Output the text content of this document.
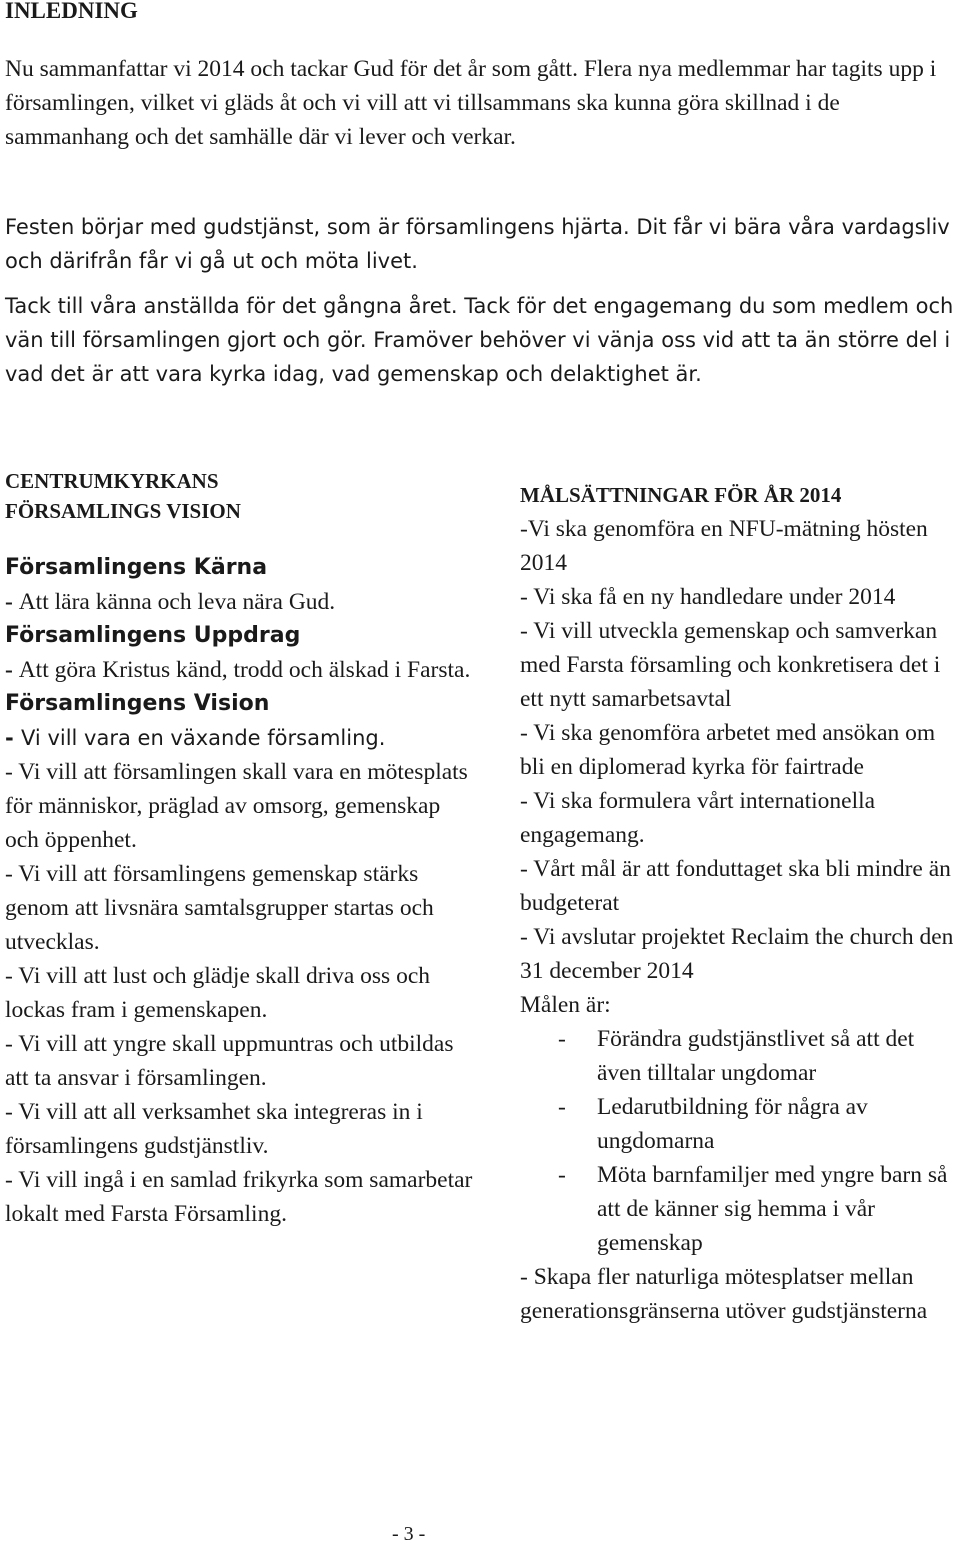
INLEDNING

Nu sammanfattar vi 2014 och tackar Gud för det år som gått. Flera nya medlemmar har tagits upp i församlingen, vilket vi gläds åt och vi vill att vi tillsammans ska kunna göra skillnad i de sammanhang och det samhälle där vi lever och verkar.

Festen börjar med gudstjänst, som är församlingens hjärta. Dit får vi bära våra vardagsliv och därifrån får vi gå ut och möta livet.

Tack till våra anställda för det gångna året. Tack för det engagemang du som medlem och vän till församlingen gjort och gör. Framöver behöver vi vänja oss vid att ta än större del i vad det är att vara kyrka idag, vad gemenskap och delaktighet är.

CENTRUMKYRKANS
FÖRSAMLINGS VISION
Församlingens Kärna
- Att lära känna och leva nära Gud.
Församlingens Uppdrag
- Att göra Kristus känd, trodd och älskad i Farsta.
Församlingens Vision
- Vi vill vara en växande församling.
- Vi vill att församlingen skall vara en mötesplats för människor, präglad av omsorg, gemenskap och öppenhet.
- Vi vill att församlingens gemenskap stärks genom att livsnära samtalsgrupper startas och utvecklas.
- Vi vill att lust och glädje skall driva oss och lockas fram i gemenskapen.
- Vi vill att yngre skall uppmuntras och utbildas att ta ansvar i församlingen.
- Vi vill att all verksamhet ska integreras in i församlingens gudstjänstliv.
- Vi vill ingå i en samlad frikyrka som samarbetar lokalt med Farsta Församling.
MÅLSÄTTNINGAR FÖR ÅR 2014
-Vi ska genomföra en NFU-mätning hösten 2014
- Vi ska få en ny handledare under 2014
- Vi vill utveckla gemenskap och samverkan med Farsta församling och konkretisera det i ett nytt samarbetsavtal
- Vi ska genomföra arbetet med ansökan om bli en diplomerad kyrka för fairtrade
- Vi ska formulera vårt internationella engagemang.
- Vårt mål är att fonduttaget ska bli mindre än budgeterat
- Vi avslutar projektet Reclaim the church den 31 december 2014
Målen är:
- Förändra gudstjänstlivet så att det även tilltalar ungdomar
- Ledarutbildning för några av ungdomarna
- Möta barnfamiljer med yngre barn så att de känner sig hemma i vår gemenskap
- Skapa fler naturliga mötesplatser mellan generationsgränserna utöver gudstjänsterna
- 3 -
